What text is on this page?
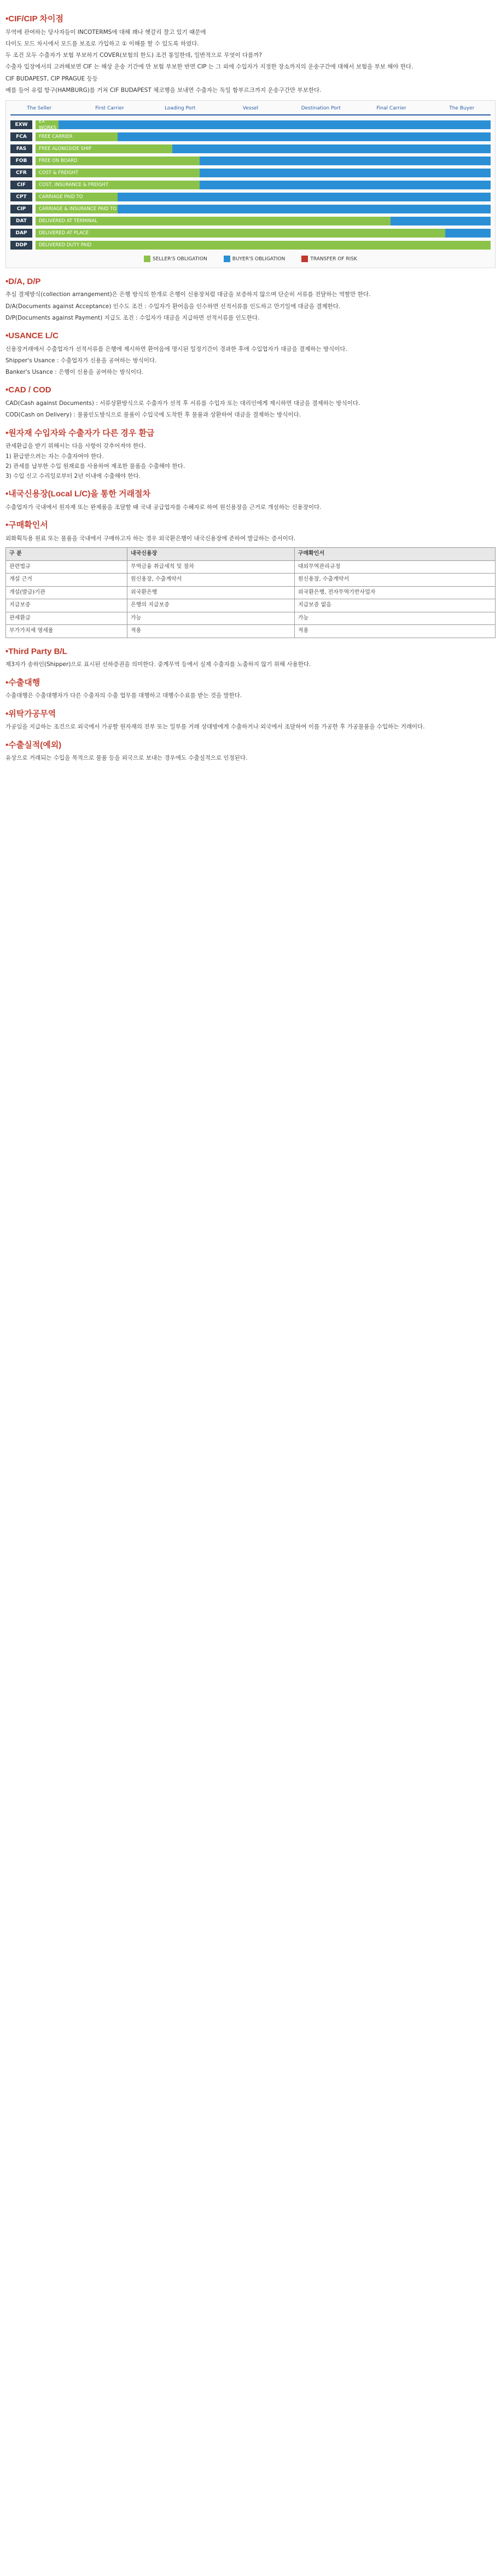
•CIF/CIP 차이점

무역에 관여하는 당사자들이 INCOTERMS에 대해 꽤나 헷갈리 잘고 있기 때문에

다이도 모드 차시에서 모드를 보조로 가입하고 ① 이해를 할 수 있도록 하였다.

두 조건 모두 수출자가 보험 부보하기 COVER(보험의 한도) 조건 통일한데, 일반적으로 무엇이 다를까?

수출자 입장에서의 고려해보면 CIF 는 해상 운송 기간에 만 보험 부보한 반면 CIP 는 그 외에 수입자가 지정한 장소까지의 운송구간에 대해서 보험을 부보 해야 한다.

CIF BUDAPEST, CIP PRAGUE 등등

예를 들어 유럽 항구(HAMBURG)를 거쳐 CIF BUDAPEST 체코행을 보내면 수출자는 독일 함부르크까지 운송구간만 부보한다.

The Seller	First Carrier	Loading Port	Vessel	Destination Port	Final Carrier	The Buyer
EXW
EX WORKS
FCA	FREE CARRIER
FAS	FREE ALONGSIDE SHIP
FOB	FREE ON BOARD
CFR	COST & FREIGHT
CIF	COST, INSURANCE & FREIGHT
CPT	CARRIAGE PAID TO
CIP	CARRIAGE & INSURANCE PAID TO
DAT	DELIVERED AT TERMINAL
DAP	DELIVERED AT PLACE
DDP	DELIVERED DUTY PAID
SELLER'S OBLIGATION	BUYER'S OBLIGATION	TRANSFER OF RISK
•D/A, D/P

추심 결제방식(collection arrangement)은 은행 방식의 한개로 은행이 신용장처럼 대금을 보증하지 않으며 단순히 서류를 전달하는 역할만 한다.

D/A(Documents against Acceptance) 인수도 조건 : 수입자가 환어음을 인수하면 선적서류를 인도하고 만기일에 대금을 결제한다.

D/P(Documents against Payment) 지급도 조건 : 수입자가 대금을 지급하면 선적서류를 인도한다.

•USANCE L/C

신용장거래에서 수출업자가 선적서류를 은행에 제시하면 환어음에 명시된 일정기간이 경과한 후에 수입업자가 대금을 결제하는 방식이다.

Shipper's Usance : 수출업자가 신용을 공여하는 방식이다.

Banker's Usance : 은행이 신용을 공여하는 방식이다.

•CAD / COD

CAD(Cash against Documents) : 서류상환방식으로 수출자가 선적 후 서류를 수입자 또는 대리인에게 제시하면 대금을 결제하는 방식이다.

COD(Cash on Delivery) : 물품인도방식으로 물품이 수입국에 도착한 후 물품과 상환하여 대금을 결제하는 방식이다.

•원자재 수입자와 수출자가 다른 경우 환급

관세환급을 받기 위해서는 다음 사항이 갖추어져야 한다.

1) 환급받으려는 자는 수출자여야 한다.

2) 관세를 납부한 수입 원재료를 사용하여 제조한 물품을 수출해야 한다.

3) 수입 신고 수리일로부터 2년 이내에 수출해야 한다.

•내국신용장(Local L/C)을 통한 거래절차

수출업자가 국내에서 원자재 또는 완제품을 조달할 때 국내 공급업자를 수혜자로 하여 원신용장을 근거로 개설하는 신용장이다.

•구매확인서

외화획득용 원료 또는 물품을 국내에서 구매하고자 하는 경우 외국환은행이 내국신용장에 준하여 발급하는 증서이다.

구 분	내국신용장	구매확인서
관련법규	무역금융 취급세칙 및 절차	대외무역관리규정
개설 근거	원신용장, 수출계약서	원신용장, 수출계약서
개설(발급)기관	외국환은행	외국환은행, 전자무역기반사업자
지급보증	은행의 지급보증	지급보증 없음
관세환급	가능	가능
부가가치세 영세율	적용	적용
•Third Party B/L

제3자가 송하인(Shipper)으로 표시된 선하증권을 의미한다. 중계무역 등에서 실제 수출자를 노출하지 않기 위해 사용한다.

•수출대행

수출대행은 수출대행자가 다른 수출자의 수출 업무를 대행하고 대행수수료를 받는 것을 말한다.

•위탁가공무역

가공임을 지급하는 조건으로 외국에서 가공할 원자재의 전부 또는 일부를 거래 상대방에게 수출하거나 외국에서 조달하여 이를 가공한 후 가공물품을 수입하는 거래이다.

•수출실적(예외)

유상으로 거래되는 수입을 목적으로 물품 등을 외국으로 보내는 경우에도 수출실적으로 인정된다.
